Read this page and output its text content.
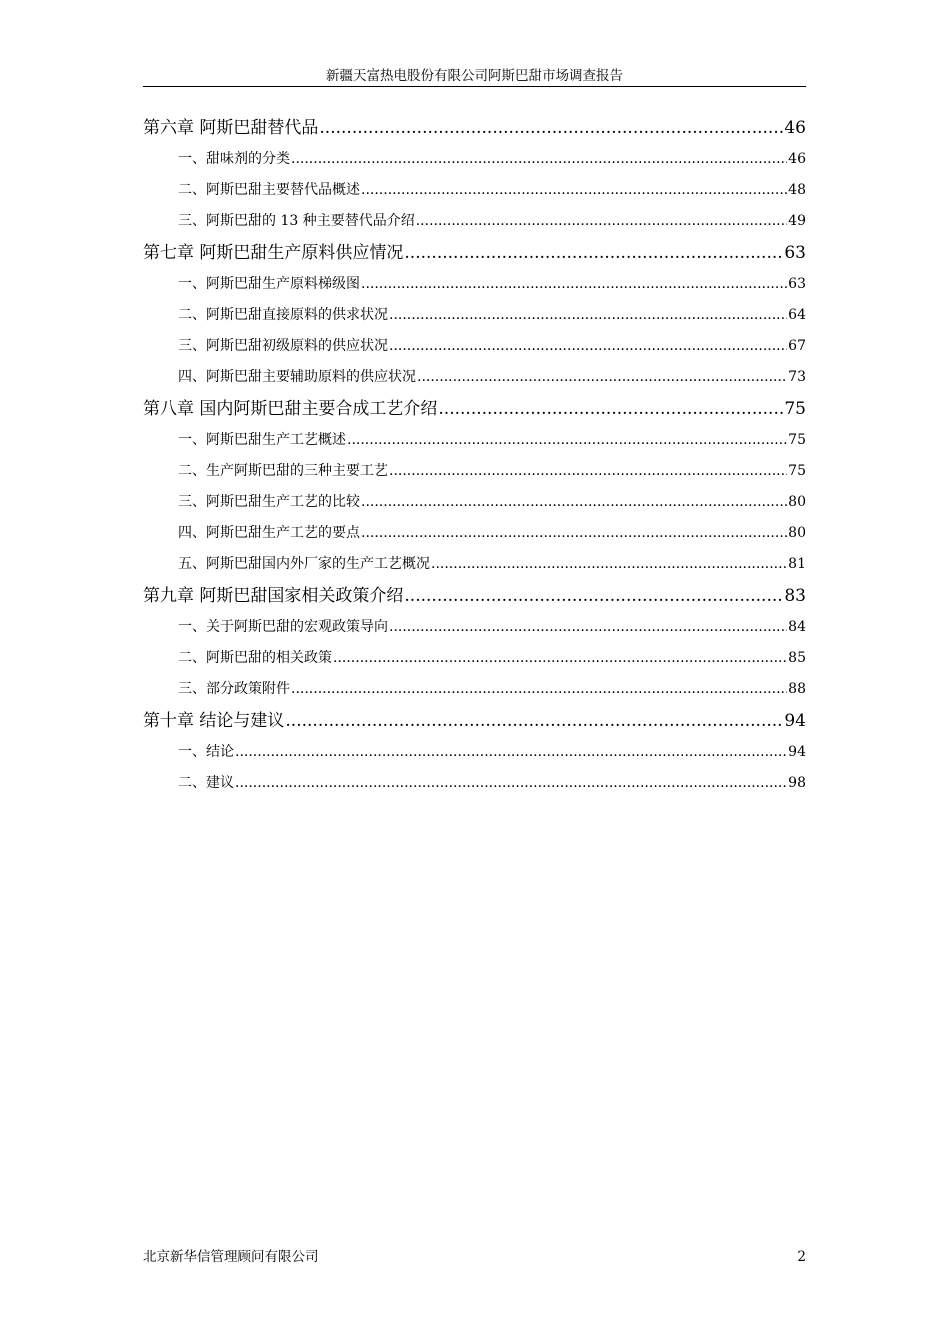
新疆天富热电股份有限公司阿斯巴甜市场调查报告
第六章 阿斯巴甜替代品 .....	46
一、甜味剂的分类 .....	46
二、阿斯巴甜主要替代品概述 .....	48
三、阿斯巴甜的 13 种主要替代品介绍 .....	49
第七章 阿斯巴甜生产原料供应情况 .....	63
一、阿斯巴甜生产原料梯级图 .....	63
二、阿斯巴甜直接原料的供求状况 .....	64
三、阿斯巴甜初级原料的供应状况 .....	67
四、阿斯巴甜主要辅助原料的供应状况 .....	73
第八章 国内阿斯巴甜主要合成工艺介绍 .....	75
一、阿斯巴甜生产工艺概述 .....	75
二、生产阿斯巴甜的三种主要工艺 .....	75
三、阿斯巴甜生产工艺的比较 .....	80
四、阿斯巴甜生产工艺的要点 .....	80
五、阿斯巴甜国内外厂家的生产工艺概况 .....	81
第九章 阿斯巴甜国家相关政策介绍 .....	83
一、关于阿斯巴甜的宏观政策导向 .....	84
二、阿斯巴甜的相关政策 .....	85
三、部分政策附件 .....	88
第十章 结论与建议 .....	94
一、结论 .....	94
二、建议 .....	98
北京新华信管理顾问有限公司	2
